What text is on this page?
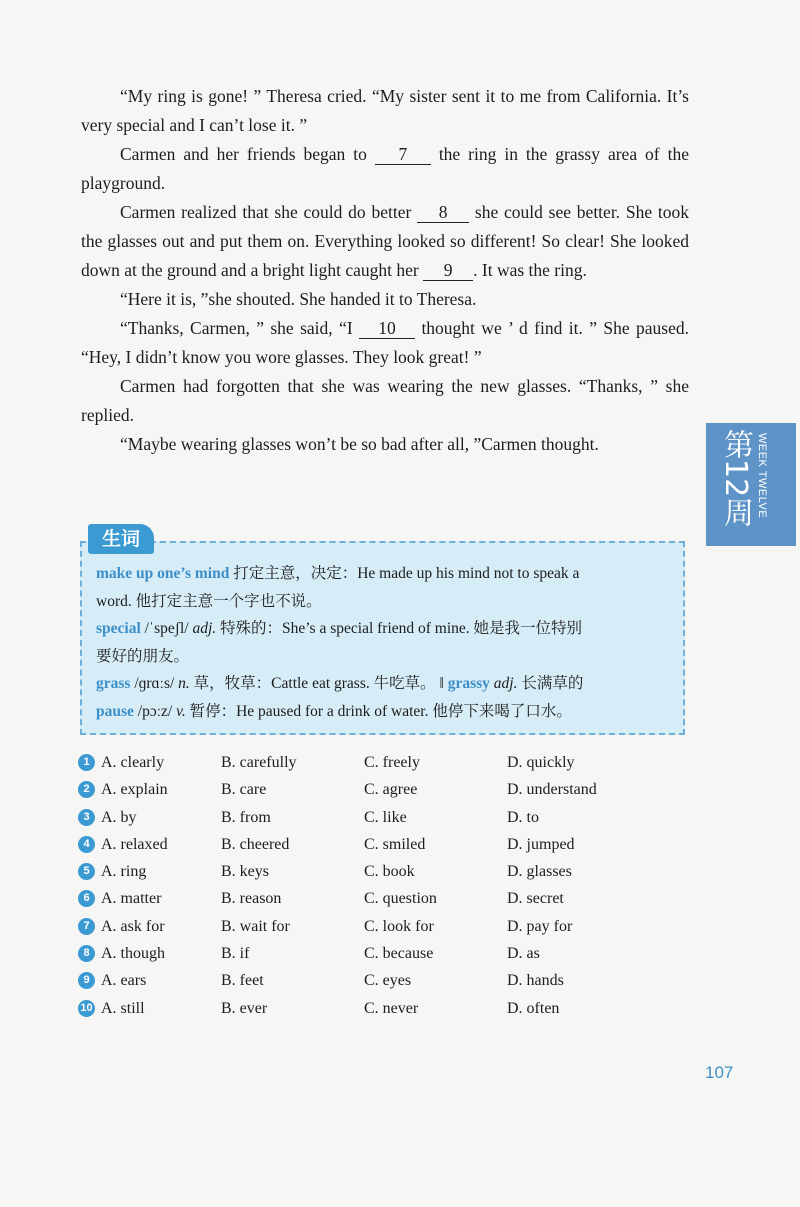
“My ring is gone! ” Theresa cried. “My sister sent it to me from California. It’s very special and I can’t lose it. ”

Carmen and her friends began to 7 the ring in the grassy area of the playground.

Carmen realized that she could do better 8 she could see better. She took the glasses out and put them on. Everything looked so different! So clear! She looked down at the ground and a bright light caught her 9 . It was the ring.

“Here it is, ”she shouted. She handed it to Theresa.

“Thanks, Carmen, ” she said, “I 10 thought we ’ d find it. ” She paused. “Hey, I didn’t know you wore glasses. They look great! ”

Carmen had forgotten that she was wearing the new glasses. “Thanks, ” she replied.

“Maybe wearing glasses won’t be so bad after all, ”Carmen thought.	第12周 WEEK TWELVE
生词
make up one’s mind 打定主意，决定：He made up his mind not to speak a
word. 他打定主意一个字也不说。
special /ˈspeʃl/ adj. 特殊的：She’s a special friend of mine. 她是我一位特别
要好的朋友。
grass /ɡrɑːs/ n. 草，牧草：Cattle eat grass. 牛吃草。 ‖ grassy adj. 长满草的
pause /pɔːz/ v. 暂停：He paused for a drink of water. 他停下来喝了口水。
1 A. clearly	B. carefully	C. freely	D. quickly
2 A. explain	B. care	C. agree	D. understand
3 A. by	B. from	C. like	D. to
4 A. relaxed	B. cheered	C. smiled	D. jumped
5 A. ring	B. keys	C. book	D. glasses
6 A. matter	B. reason	C. question	D. secret
7 A. ask for	B. wait for	C. look for	D. pay for
8 A. though	B. if	C. because	D. as
9 A. ears	B. feet	C. eyes	D. hands
10 A. still	B. ever	C. never	D. often
107
